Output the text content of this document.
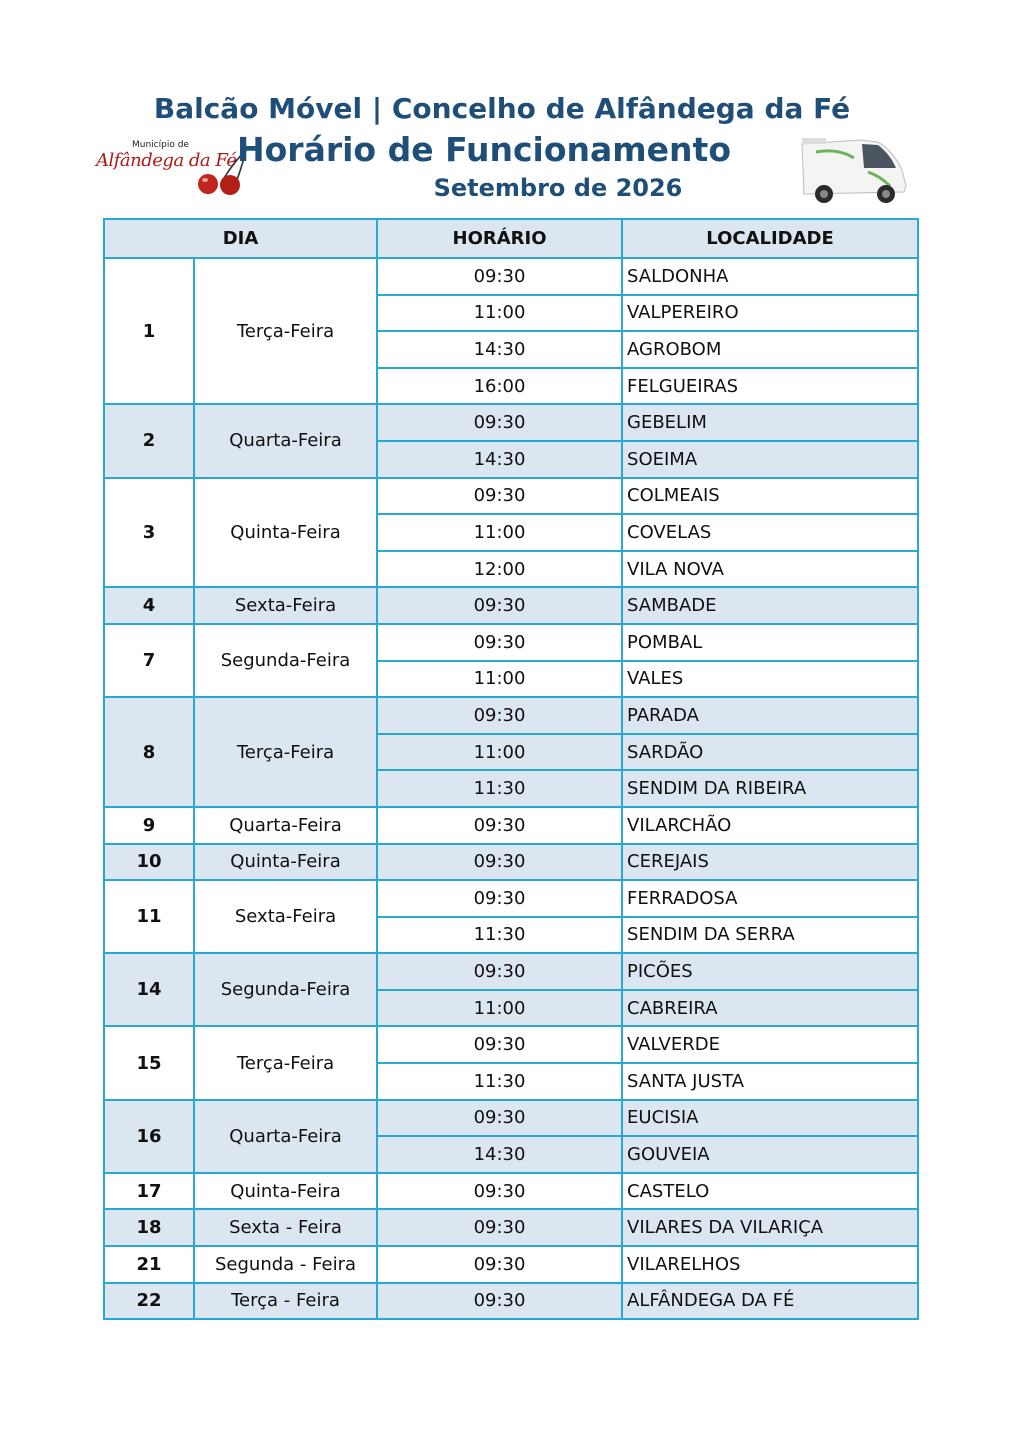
Município de
Alfândega da Fé
Balcão Móvel | Concelho de Alfândega da Fé
Horário de Funcionamento
Setembro de 2026
DIA		HORÁRIO	LOCALIDADE
1	Terça-Feira	09:30	SALDONHA
		11:00	VALPEREIRO
		14:30	AGROBOM
		16:00	FELGUEIRAS
2	Quarta-Feira	09:30	GEBELIM
		14:30	SOEIMA
3	Quinta-Feira	09:30	COLMEAIS
		11:00	COVELAS
		12:00	VILA NOVA
4	Sexta-Feira	09:30	SAMBADE
7	Segunda-Feira	09:30	POMBAL
		11:00	VALES
8	Terça-Feira	09:30	PARADA
		11:00	SARDÃO
		11:30	SENDIM DA RIBEIRA
9	Quarta-Feira	09:30	VILARCHÃO
10	Quinta-Feira	09:30	CEREJAIS
11	Sexta-Feira	09:30	FERRADOSA
		11:30	SENDIM DA SERRA
14	Segunda-Feira	09:30	PICÕES
		11:00	CABREIRA
15	Terça-Feira	09:30	VALVERDE
		11:30	SANTA JUSTA
16	Quarta-Feira	09:30	EUCISIA
		14:30	GOUVEIA
17	Quinta-Feira	09:30	CASTELO
18	Sexta - Feira	09:30	VILARES DA VILARIÇA
21	Segunda - Feira	09:30	VILARELHOS
22	Terça - Feira	09:30	ALFÂNDEGA DA FÉ
